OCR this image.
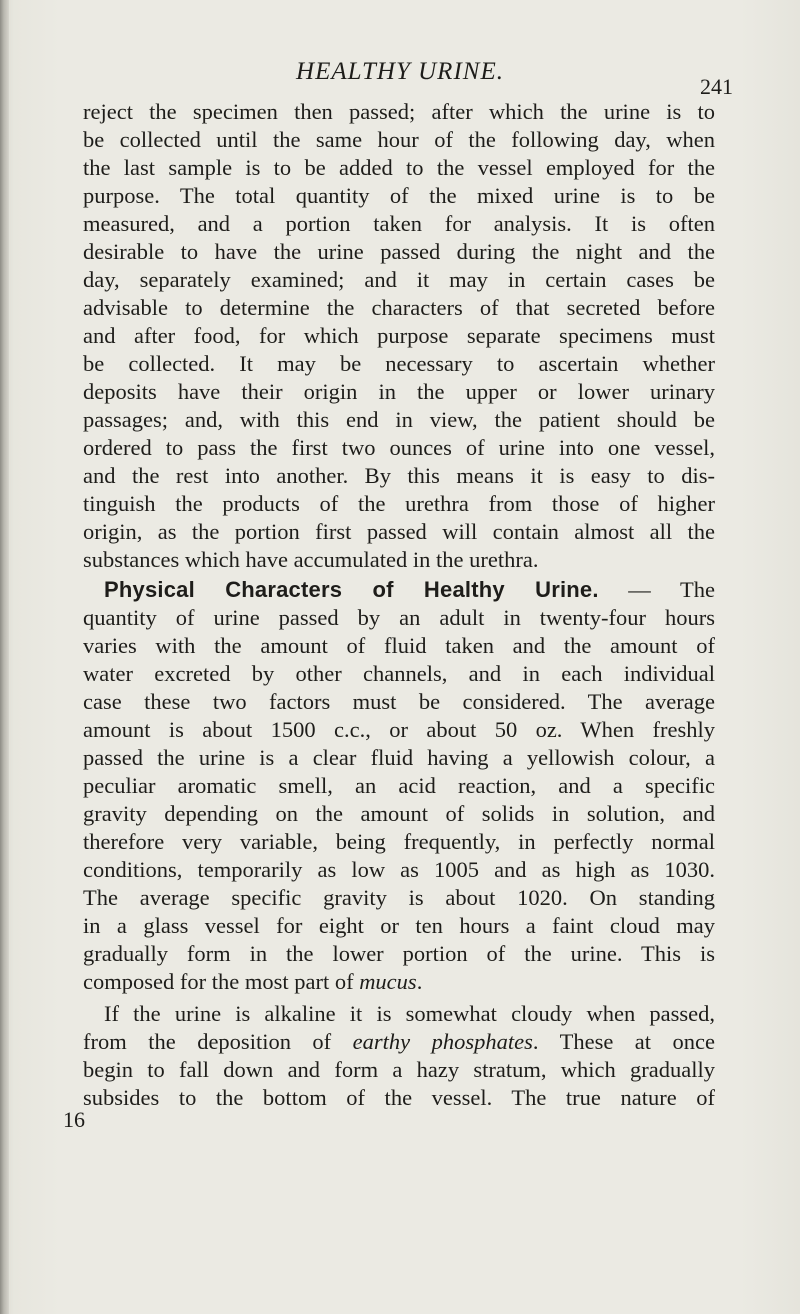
HEALTHY URINE.
241
reject the specimen then passed; after which the urine is to
be collected until the same hour of the following day, when
the last sample is to be added to the vessel employed for the
purpose. The total quantity of the mixed urine is to be
measured, and a portion taken for analysis. It is often
desirable to have the urine passed during the night and the
day, separately examined; and it may in certain cases be
advisable to determine the characters of that secreted before
and after food, for which purpose separate specimens must
be collected. It may be necessary to ascertain whether
deposits have their origin in the upper or lower urinary
passages; and, with this end in view, the patient should be
ordered to pass the first two ounces of urine into one vessel,
and the rest into another. By this means it is easy to dis-
tinguish the products of the urethra from those of higher
origin, as the portion first passed will contain almost all the
substances which have accumulated in the urethra.
Physical Characters of Healthy Urine. — The
quantity of urine passed by an adult in twenty-four hours
varies with the amount of fluid taken and the amount of
water excreted by other channels, and in each individual
case these two factors must be considered. The average
amount is about 1500 c.c., or about 50 oz. When freshly
passed the urine is a clear fluid having a yellowish colour, a
peculiar aromatic smell, an acid reaction, and a specific
gravity depending on the amount of solids in solution, and
therefore very variable, being frequently, in perfectly normal
conditions, temporarily as low as 1005 and as high as 1030.
The average specific gravity is about 1020. On standing
in a glass vessel for eight or ten hours a faint cloud may
gradually form in the lower portion of the urine. This is
composed for the most part of mucus.
If the urine is alkaline it is somewhat cloudy when passed,
from the deposition of earthy phosphates. These at once
begin to fall down and form a hazy stratum, which gradually
subsides to the bottom of the vessel. The true nature of
16
